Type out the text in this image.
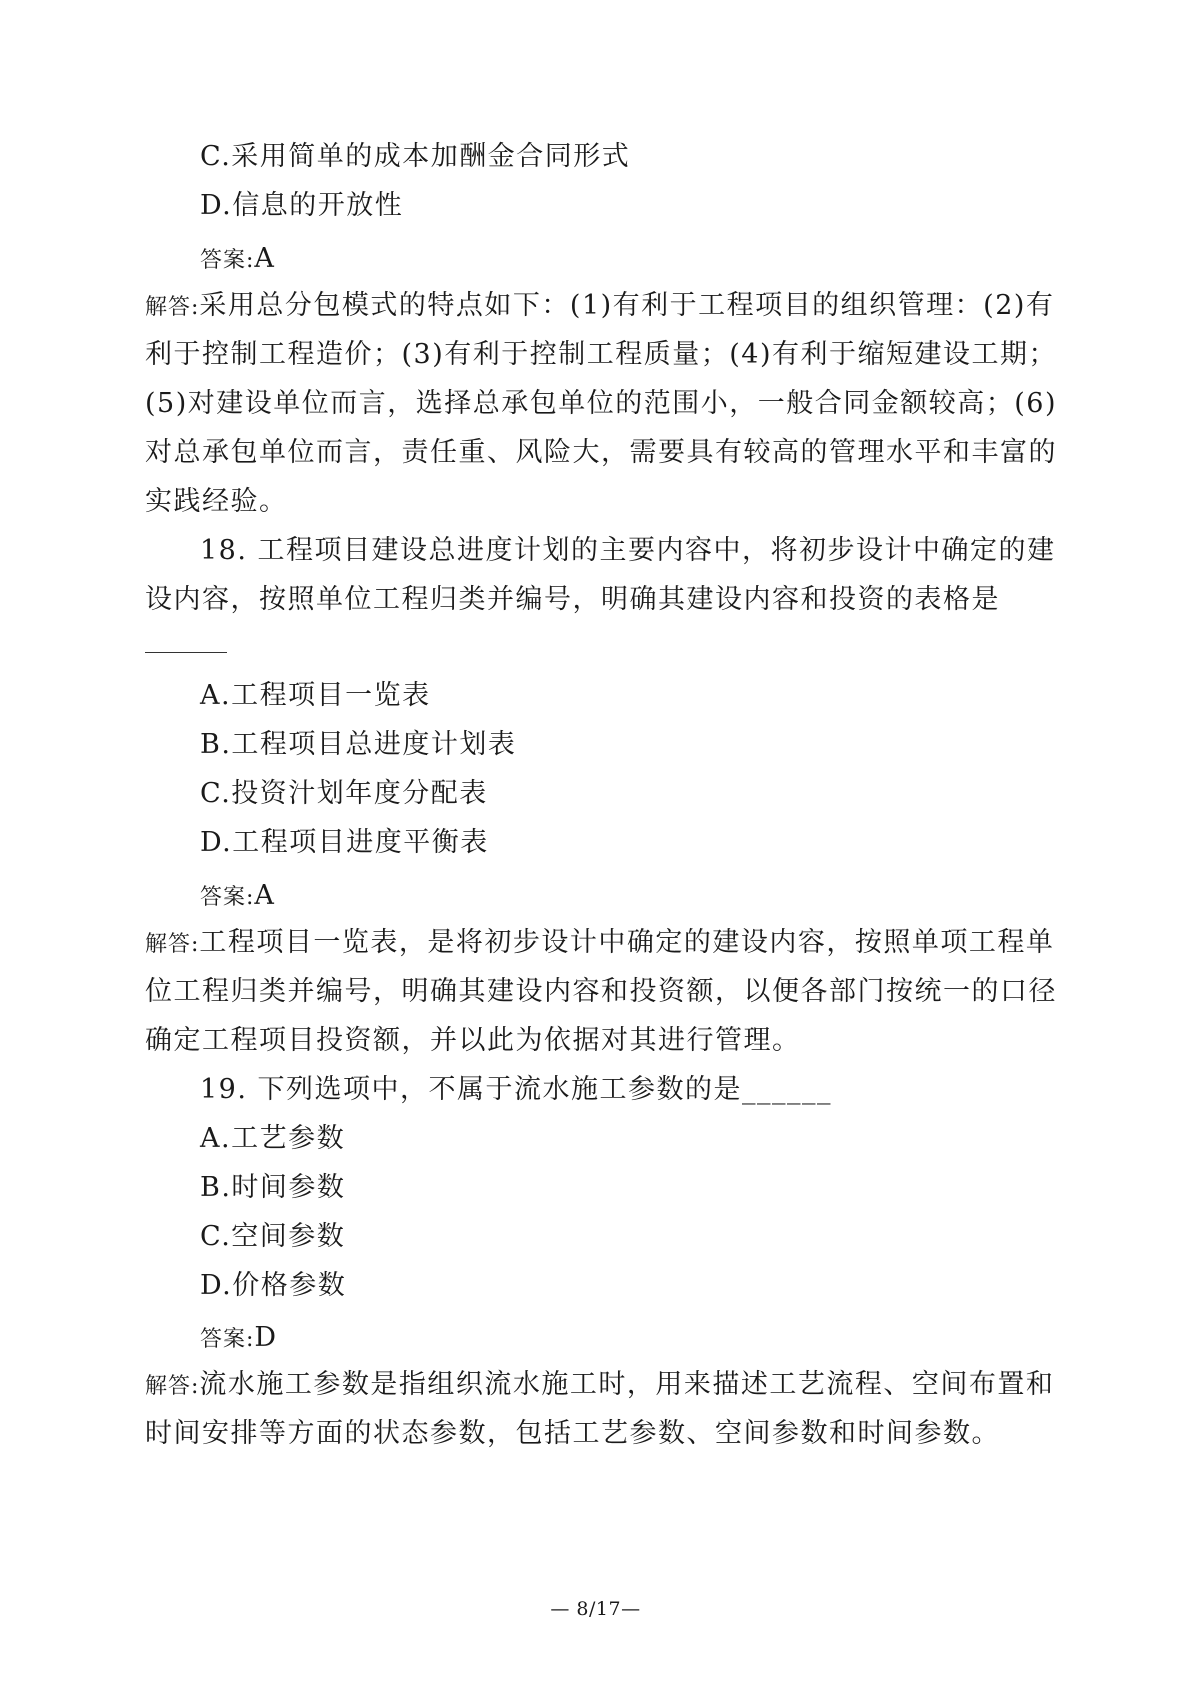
C.采用简单的成本加酬金合同形式
D.信息的开放性
答案:A
解答:采用总分包模式的特点如下：(1)有利于工程项目的组织管理：(2)有
利于控制工程造价；(3)有利于控制工程质量；(4)有利于缩短建设工期；
(5)对建设单位而言，选择总承包单位的范围小，一般合同金额较高；(6)
对总承包单位而言，责任重、风险大，需要具有较高的管理水平和丰富的
实践经验。
18. 工程项目建设总进度计划的主要内容中，将初步设计中确定的建
设内容，按照单位工程归类并编号，明确其建设内容和投资的表格是
A.工程项目一览表
B.工程项目总进度计划表
C.投资汁划年度分配表
D.工程项目进度平衡表
答案:A
解答:工程项目一览表，是将初步设计中确定的建设内容，按照单项工程单
位工程归类并编号，明确其建设内容和投资额，以便各部门按统一的口径
确定工程项目投资额，并以此为依据对其进行管理。
19. 下列选项中，不属于流水施工参数的是______
A.工艺参数
B.时间参数
C.空间参数
D.价格参数
答案:D
解答:流水施工参数是指组织流水施工时，用来描述工艺流程、空间布置和
时间安排等方面的状态参数，包括工艺参数、空间参数和时间参数。
— 8/17—
